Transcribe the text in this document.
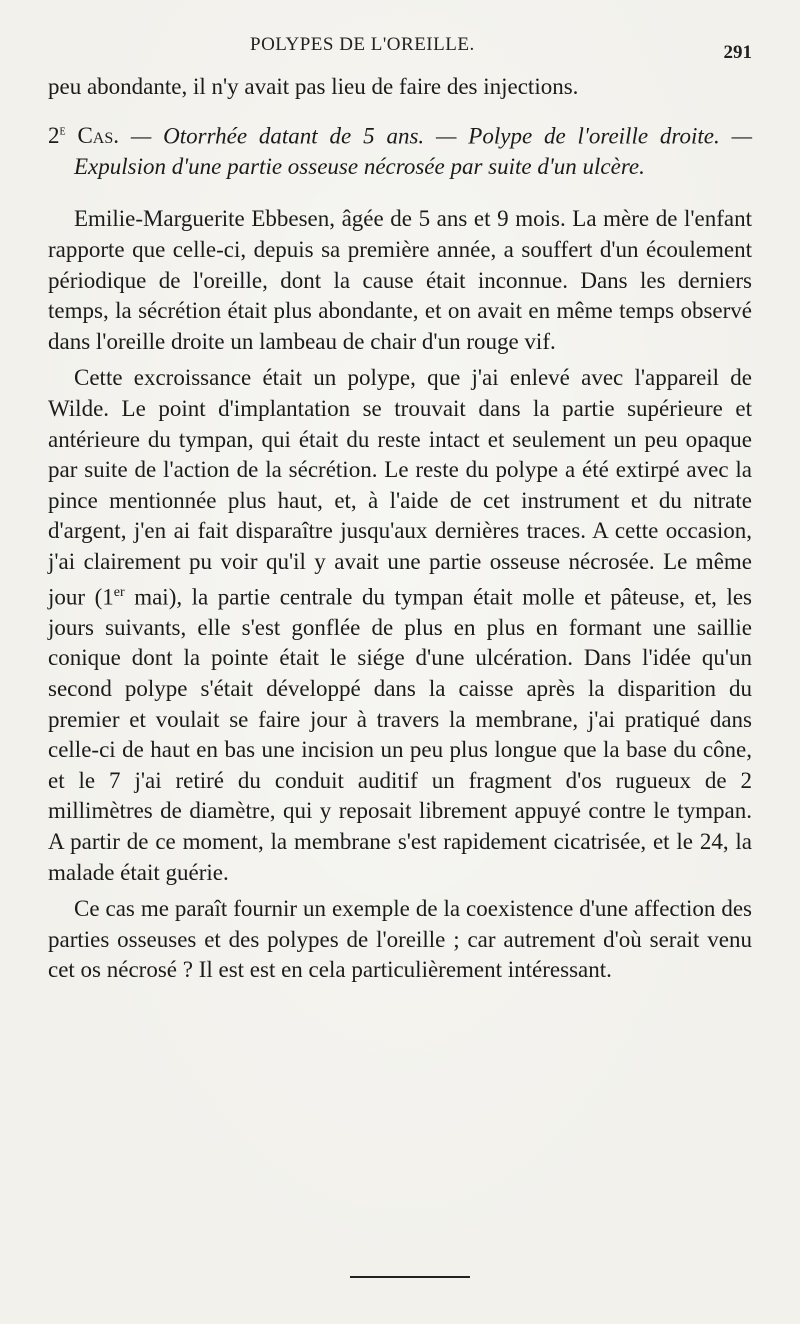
POLYPES DE L'OREILLE.	291

peu abondante, il n'y avait pas lieu de faire des injections.

2e Cas. — Otorrhée datant de 5 ans. — Polype de l'oreille droite. — Expulsion d'une partie osseuse nécrosée par suite d'un ulcère.

Emilie-Marguerite Ebbesen, âgée de 5 ans et 9 mois. La mère de l'enfant rapporte que celle-ci, depuis sa première année, a souffert d'un écoulement périodique de l'oreille, dont la cause était inconnue. Dans les derniers temps, la sécrétion était plus abondante, et on avait en même temps observé dans l'oreille droite un lambeau de chair d'un rouge vif.

Cette excroissance était un polype, que j'ai enlevé avec l'appareil de Wilde. Le point d'implantation se trouvait dans la partie supérieure et antérieure du tympan, qui était du reste intact et seulement un peu opaque par suite de l'action de la sécrétion. Le reste du polype a été extirpé avec la pince mentionnée plus haut, et, à l'aide de cet instrument et du nitrate d'argent, j'en ai fait disparaître jusqu'aux dernières traces. A cette occasion, j'ai clairement pu voir qu'il y avait une partie osseuse nécrosée. Le même jour (1er mai), la partie centrale du tympan était molle et pâteuse, et, les jours suivants, elle s'est gonflée de plus en plus en formant une saillie conique dont la pointe était le siége d'une ulcération. Dans l'idée qu'un second polype s'était développé dans la caisse après la disparition du premier et voulait se faire jour à travers la membrane, j'ai pratiqué dans celle-ci de haut en bas une incision un peu plus longue que la base du cône, et le 7 j'ai retiré du conduit auditif un fragment d'os rugueux de 2 millimètres de diamètre, qui y reposait librement appuyé contre le tympan. A partir de ce moment, la membrane s'est rapidement cicatrisée, et le 24, la malade était guérie.

Ce cas me paraît fournir un exemple de la coexistence d'une affection des parties osseuses et des polypes de l'oreille ; car autrement d'où serait venu cet os nécrosé ? Il est est en cela particulièrement intéressant.
